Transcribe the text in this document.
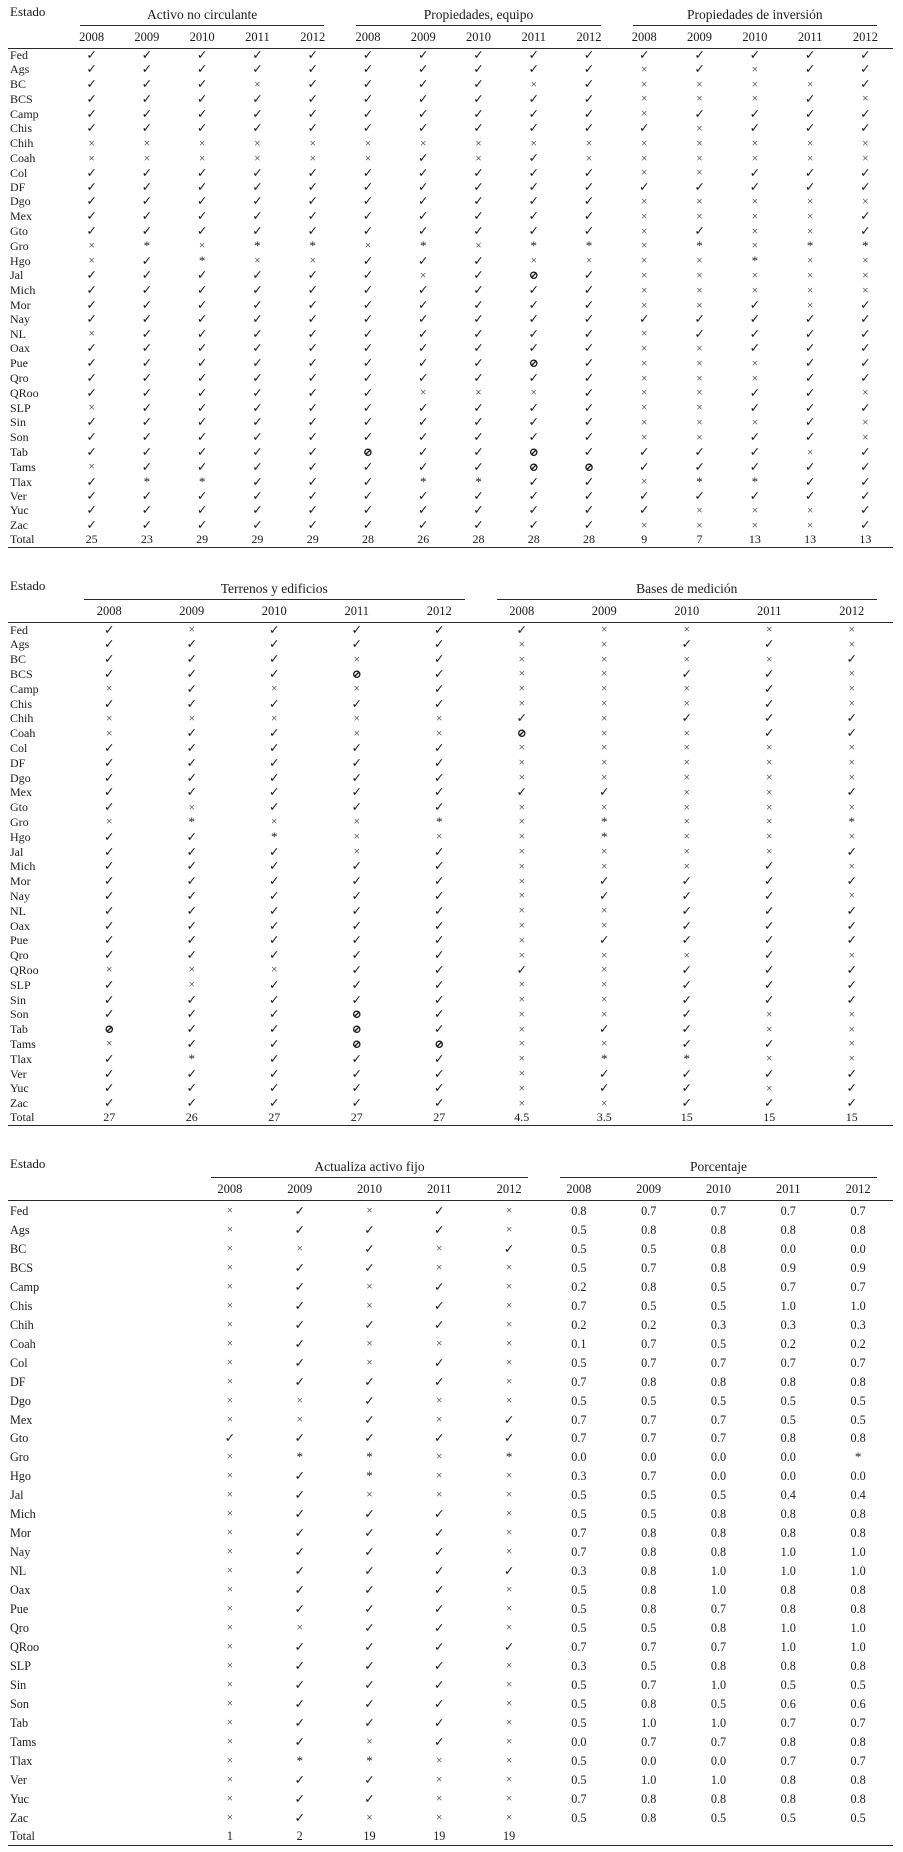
Estado	Activo no circulante					Propiedades, equipo					Propiedades de inversión				

	2008	2009	2010	2011	2012	2008	2009	2010	2011	2012	2008	2009	2010	2011	2012
Fed	✓	✓	✓	✓	✓	✓	✓	✓	✓	✓	✓	✓	✓	✓	✓
Ags	✓	✓	✓	✓	✓	✓	✓	✓	✓	✓	×	✓	×	✓	✓
BC	✓	✓	✓	×	✓	✓	✓	✓	×	✓	×	×	×	×	✓
BCS	✓	✓	✓	✓	✓	✓	✓	✓	✓	✓	×	×	×	✓	×
Camp	✓	✓	✓	✓	✓	✓	✓	✓	✓	✓	×	✓	✓	✓	✓
Chis	✓	✓	✓	✓	✓	✓	✓	✓	✓	✓	✓	×	✓	✓	✓
Chih	×	×	×	×	×	×	×	×	×	×	×	×	×	×	×
Coah	×	×	×	×	×	×	✓	×	✓	×	×	×	×	×	×
Col	✓	✓	✓	✓	✓	✓	✓	✓	✓	✓	×	×	✓	✓	✓
DF	✓	✓	✓	✓	✓	✓	✓	✓	✓	✓	✓	✓	✓	✓	✓
Dgo	✓	✓	✓	✓	✓	✓	✓	✓	✓	✓	×	×	×	×	×
Mex	✓	✓	✓	✓	✓	✓	✓	✓	✓	✓	×	×	×	×	✓
Gto	✓	✓	✓	✓	✓	✓	✓	✓	✓	✓	×	✓	×	×	✓
Gro	×	*	×	*	*	×	*	×	*	*	×	*	×	*	*
Hgo	×	✓	*	×	×	✓	✓	✓	×	×	×	×	*	×	×
Jal	✓	✓	✓	✓	✓	✓	×	✓	⊘	✓	×	×	×	×	×
Mich	✓	✓	✓	✓	✓	✓	✓	✓	✓	✓	×	×	×	×	×
Mor	✓	✓	✓	✓	✓	✓	✓	✓	✓	✓	×	×	✓	×	✓
Nay	✓	✓	✓	✓	✓	✓	✓	✓	✓	✓	✓	✓	✓	✓	✓
NL	×	✓	✓	✓	✓	✓	✓	✓	✓	✓	×	✓	✓	✓	✓
Oax	✓	✓	✓	✓	✓	✓	✓	✓	✓	✓	×	×	✓	✓	✓
Pue	✓	✓	✓	✓	✓	✓	✓	✓	⊘	✓	×	×	×	✓	✓
Qro	✓	✓	✓	✓	✓	✓	✓	✓	✓	✓	×	×	×	✓	✓
QRoo	✓	✓	✓	✓	✓	✓	×	×	×	✓	×	×	✓	✓	×
SLP	×	✓	✓	✓	✓	✓	✓	✓	✓	✓	×	×	✓	✓	✓
Sin	✓	✓	✓	✓	✓	✓	✓	✓	✓	✓	×	×	×	✓	×
Son	✓	✓	✓	✓	✓	✓	✓	✓	✓	✓	×	×	✓	✓	×
Tab	✓	✓	✓	✓	✓	⊘	✓	✓	⊘	✓	✓	✓	✓	×	✓
Tams	×	✓	✓	✓	✓	✓	✓	✓	⊘	⊘	✓	✓	✓	✓	✓
Tlax	✓	*	*	✓	✓	✓	*	*	✓	✓	×	*	*	✓	✓
Ver	✓	✓	✓	✓	✓	✓	✓	✓	✓	✓	✓	✓	✓	✓	✓
Yuc	✓	✓	✓	✓	✓	✓	✓	✓	✓	✓	✓	×	×	×	✓
Zac	✓	✓	✓	✓	✓	✓	✓	✓	✓	✓	×	×	×	×	✓
Total	25	23	29	29	29	28	26	28	28	28	9	7	13	13	13
Estado	Terrenos y edificios					Bases de medición				

	2008	2009	2010	2011	2012	2008	2009	2010	2011	2012
Fed	✓	×	✓	✓	✓	✓	×	×	×	×
Ags	✓	✓	✓	✓	✓	×	×	✓	✓	×
BC	✓	✓	✓	×	✓	×	×	×	×	✓
BCS	✓	✓	✓	⊘	✓	×	×	✓	✓	×
Camp	×	✓	×	×	✓	×	×	×	✓	×
Chis	✓	✓	✓	✓	✓	×	×	×	✓	×
Chih	×	×	×	×	×	✓	×	✓	✓	✓
Coah	×	✓	✓	×	×	⊘	×	×	✓	✓
Col	✓	✓	✓	✓	✓	×	×	×	×	×
DF	✓	✓	✓	✓	✓	×	×	×	×	×
Dgo	✓	✓	✓	✓	✓	×	×	×	×	×
Mex	✓	✓	✓	✓	✓	✓	✓	×	×	✓
Gto	✓	×	✓	✓	✓	×	×	×	×	×
Gro	×	*	×	×	*	×	*	×	×	*
Hgo	✓	✓	*	×	×	×	*	×	×	×
Jal	✓	✓	✓	×	✓	×	×	×	×	✓
Mich	✓	✓	✓	✓	✓	×	×	×	✓	×
Mor	✓	✓	✓	✓	✓	×	✓	✓	✓	✓
Nay	✓	✓	✓	✓	✓	×	✓	✓	✓	×
NL	✓	✓	✓	✓	✓	×	×	✓	✓	✓
Oax	✓	✓	✓	✓	✓	×	×	✓	✓	✓
Pue	✓	✓	✓	✓	✓	×	✓	✓	✓	✓
Qro	✓	✓	✓	✓	✓	×	×	×	✓	×
QRoo	×	×	×	✓	✓	✓	×	✓	✓	✓
SLP	✓	×	✓	✓	✓	×	×	✓	✓	✓
Sin	✓	✓	✓	✓	✓	×	×	✓	✓	✓
Son	✓	✓	✓	⊘	✓	×	×	✓	×	×
Tab	⊘	✓	✓	⊘	✓	×	✓	✓	×	×
Tams	×	✓	✓	⊘	⊘	×	×	✓	✓	×
Tlax	✓	*	✓	✓	✓	×	*	*	×	×
Ver	✓	✓	✓	✓	✓	×	✓	✓	✓	✓
Yuc	✓	✓	✓	✓	✓	×	✓	✓	×	✓
Zac	✓	✓	✓	✓	✓	×	×	✓	✓	✓
Total	27	26	27	27	27	4.5	3.5	15	15	15
Estado	Actualiza activo fijo					Porcentaje				

	2008	2009	2010	2011	2012	2008	2009	2010	2011	2012
Fed	×	✓	×	✓	×	0.8	0.7	0.7	0.7	0.7
Ags	×	✓	✓	✓	×	0.5	0.8	0.8	0.8	0.8
BC	×	×	✓	×	✓	0.5	0.5	0.8	0.0	0.0
BCS	×	✓	✓	×	×	0.5	0.7	0.8	0.9	0.9
Camp	×	✓	×	✓	×	0.2	0.8	0.5	0.7	0.7
Chis	×	✓	×	✓	×	0.7	0.5	0.5	1.0	1.0
Chih	×	✓	✓	✓	×	0.2	0.2	0.3	0.3	0.3
Coah	×	✓	×	×	×	0.1	0.7	0.5	0.2	0.2
Col	×	✓	×	✓	×	0.5	0.7	0.7	0.7	0.7
DF	×	✓	✓	✓	×	0.7	0.8	0.8	0.8	0.8
Dgo	×	×	✓	×	×	0.5	0.5	0.5	0.5	0.5
Mex	×	×	✓	×	✓	0.7	0.7	0.7	0.5	0.5
Gto	✓	✓	✓	✓	✓	0.7	0.7	0.7	0.8	0.8
Gro	×	*	*	×	*	0.0	0.0	0.0	0.0	*
Hgo	×	✓	*	×	×	0.3	0.7	0.0	0.0	0.0
Jal	×	✓	×	×	×	0.5	0.5	0.5	0.4	0.4
Mich	×	✓	✓	✓	×	0.5	0.5	0.8	0.8	0.8
Mor	×	✓	✓	✓	×	0.7	0.8	0.8	0.8	0.8
Nay	×	✓	✓	✓	×	0.7	0.8	0.8	1.0	1.0
NL	×	✓	✓	✓	✓	0.3	0.8	1.0	1.0	1.0
Oax	×	✓	✓	✓	×	0.5	0.8	1.0	0.8	0.8
Pue	×	✓	✓	✓	×	0.5	0.8	0.7	0.8	0.8
Qro	×	×	✓	✓	×	0.5	0.5	0.8	1.0	1.0
QRoo	×	✓	✓	✓	✓	0.7	0.7	0.7	1.0	1.0
SLP	×	✓	✓	✓	×	0.3	0.5	0.8	0.8	0.8
Sin	×	✓	✓	✓	×	0.5	0.7	1.0	0.5	0.5
Son	×	✓	✓	✓	×	0.5	0.8	0.5	0.6	0.6
Tab	×	✓	✓	✓	×	0.5	1.0	1.0	0.7	0.7
Tams	×	✓	×	✓	×	0.0	0.7	0.7	0.8	0.8
Tlax	×	*	*	×	×	0.5	0.0	0.0	0.7	0.7
Ver	×	✓	✓	×	×	0.5	1.0	1.0	0.8	0.8
Yuc	×	✓	✓	×	×	0.7	0.8	0.8	0.8	0.8
Zac	×	✓	×	×	×	0.5	0.8	0.5	0.5	0.5
Total	1	2	19	19	19					
